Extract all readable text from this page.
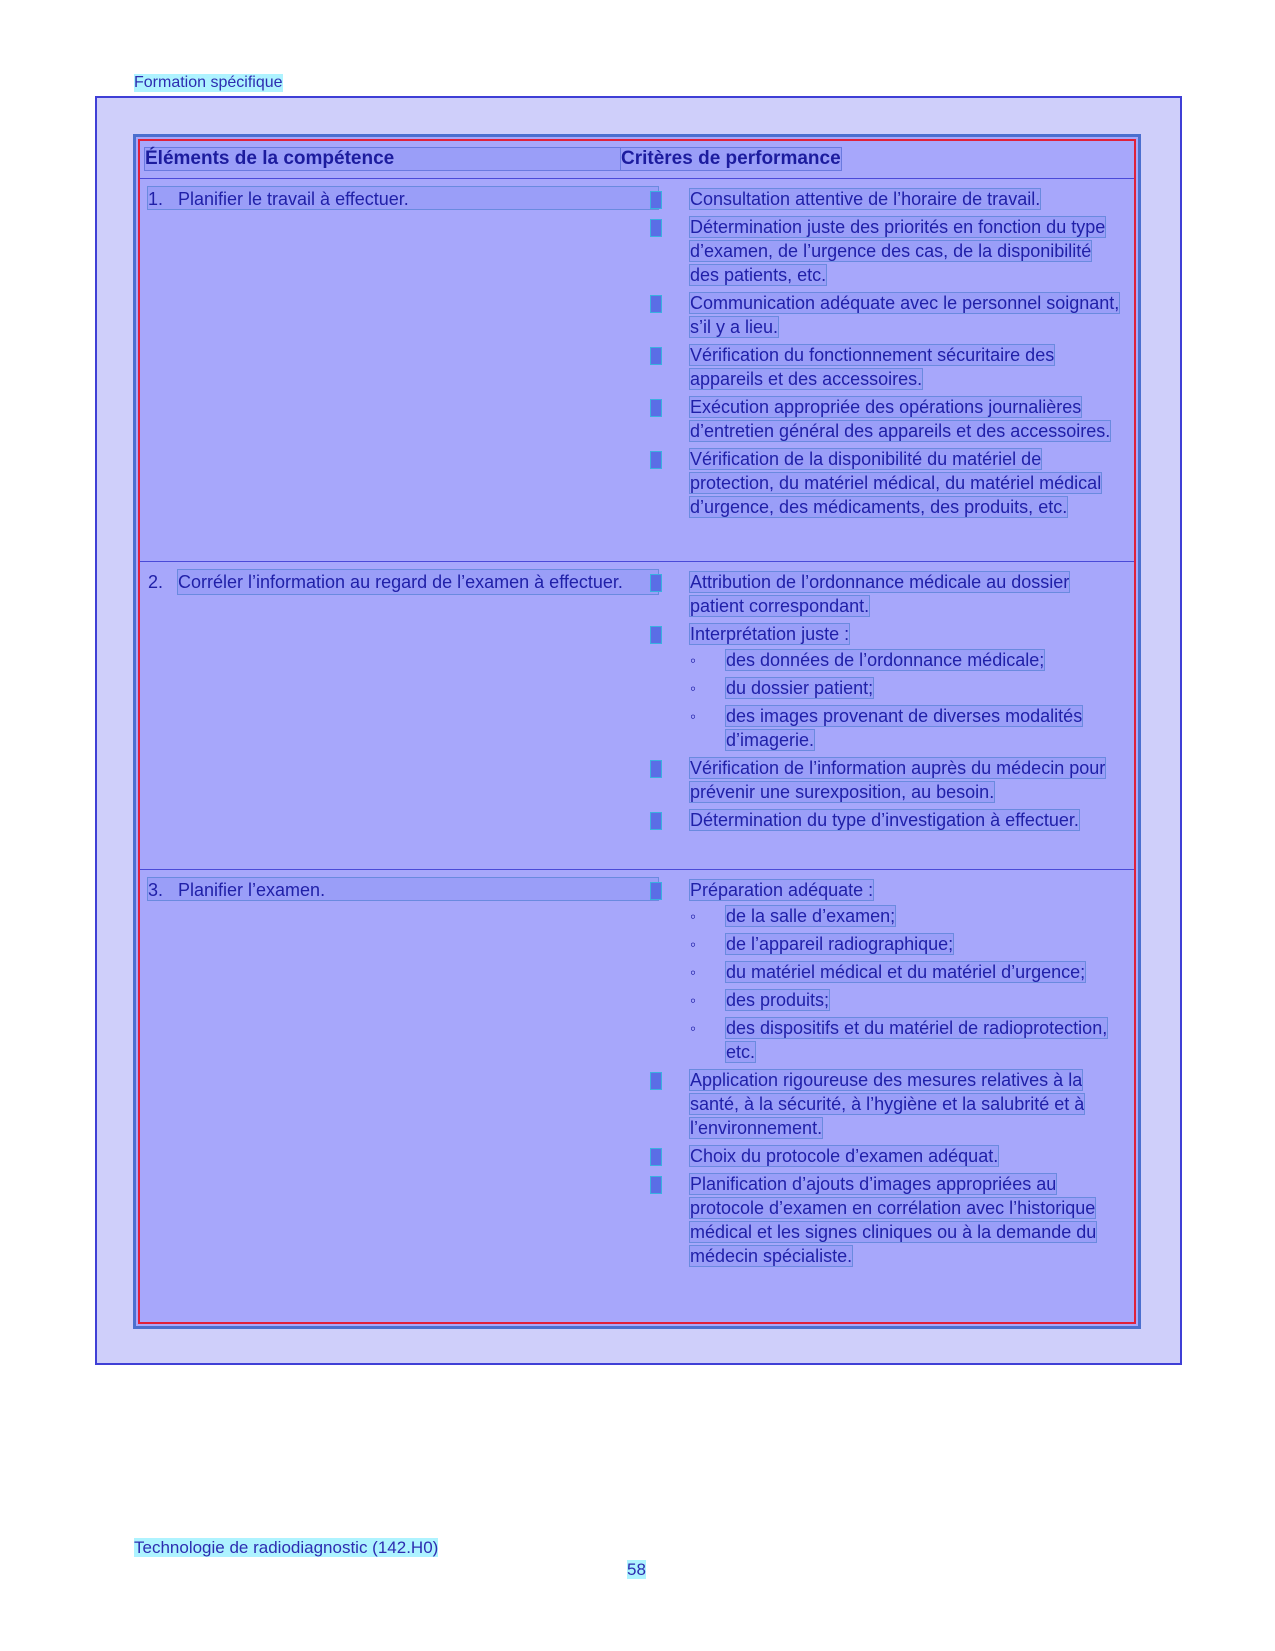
Formation spécifique
Éléments de la compétence	Critères de performance
1. Planifier le travail à effectuer.	Consultation attentive de l’horaire de travail.
Détermination juste des priorités en fonction du type d’examen, de l’urgence des cas, de la disponibilité des patients, etc.
Communication adéquate avec le personnel soignant, s’il y a lieu.
Vérification du fonctionnement sécuritaire des appareils et des accessoires.
Exécution appropriée des opérations journalières d’entretien général des appareils et des accessoires.
Vérification de la disponibilité du matériel de protection, du matériel médical, du matériel médical d’urgence, des médicaments, des produits, etc.
2. Corréler l’information au regard de l’examen à effectuer.	Attribution de l’ordonnance médicale au dossier patient correspondant.
Interprétation juste :
◦ des données de l’ordonnance médicale;
◦ du dossier patient;
◦ des images provenant de diverses modalités d’imagerie.
Vérification de l’information auprès du médecin pour prévenir une surexposition, au besoin.
Détermination du type d’investigation à effectuer.
3. Planifier l’examen.	Préparation adéquate :
◦ de la salle d’examen;
◦ de l’appareil radiographique;
◦ du matériel médical et du matériel d’urgence;
◦ des produits;
◦ des dispositifs et du matériel de radioprotection, etc.
Application rigoureuse des mesures relatives à la santé, à la sécurité, à l’hygiène et la salubrité et à l’environnement.
Choix du protocole d’examen adéquat.
Planification d’ajouts d’images appropriées au protocole d’examen en corrélation avec l’historique médical et les signes cliniques ou à la demande du médecin spécialiste.
Technologie de radiodiagnostic (142.H0)
58
